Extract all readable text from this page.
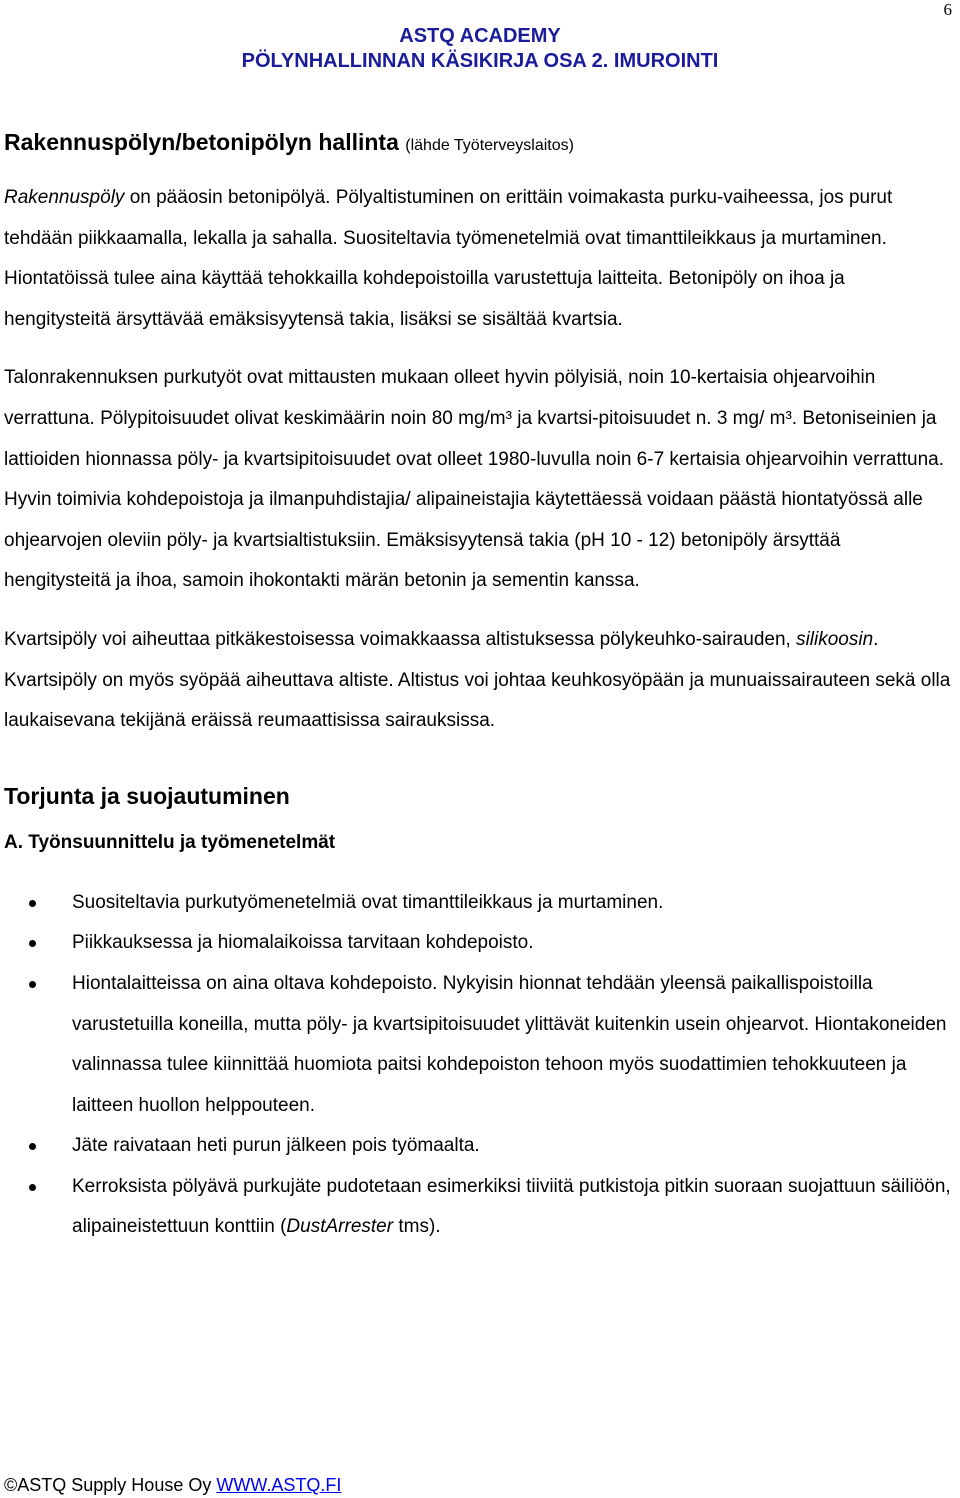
6
ASTQ ACADEMY
PÖLYNHALLINNAN KÄSIKIRJA OSA 2. IMUROINTI
Rakennuspölyn/betonipölyn hallinta (lähde Työterveyslaitos)

Rakennuspöly on pääosin betonipölyä. Pölyaltistuminen on erittäin voimakasta purku-vaiheessa, jos purut tehdään piikkaamalla, lekalla ja sahalla. Suositeltavia työmenetelmiä ovat timanttileikkaus ja murtaminen. Hiontatöissä tulee aina käyttää tehokkailla kohdepoistoilla varustettuja laitteita. Betonipöly on ihoa ja hengitysteitä ärsyttävää emäksisyytensä takia, lisäksi se sisältää kvartsia.

Talonrakennuksen purkutyöt ovat mittausten mukaan olleet hyvin pölyisiä, noin 10-kertaisia ohjearvoihin verrattuna. Pölypitoisuudet olivat keskimäärin noin 80 mg/m³ ja kvartsi-pitoisuudet n. 3 mg/ m³. Betoniseinien ja lattioiden hionnassa pöly- ja kvartsipitoisuudet ovat olleet 1980-luvulla noin 6-7 kertaisia ohjearvoihin verrattuna. Hyvin toimivia kohdepoistoja ja ilmanpuhdistajia/ alipaineistajia käytettäessä voidaan päästä hiontatyössä alle ohjearvojen oleviin pöly- ja kvartsialtistuksiin. Emäksisyytensä takia (pH 10 - 12) betonipöly ärsyttää hengitysteitä ja ihoa, samoin ihokontakti märän betonin ja sementin kanssa.

Kvartsipöly voi aiheuttaa pitkäkestoisessa voimakkaassa altistuksessa pölykeuhko-sairauden, silikoosin. Kvartsipöly on myös syöpää aiheuttava altiste. Altistus voi johtaa keuhkosyöpään ja munuaissairauteen sekä olla laukaisevana tekijänä eräissä reumaattisissa sairauksissa.

Torjunta ja suojautuminen
A. Työnsuunnittelu ja työmenetelmät
Suositeltavia purkutyömenetelmiä ovat timanttileikkaus ja murtaminen.
Piikkauksessa ja hiomalaikoissa tarvitaan kohdepoisto.
Hiontalaitteissa on aina oltava kohdepoisto. Nykyisin hionnat tehdään yleensä paikallispoistoilla varustetuilla koneilla, mutta pöly- ja kvartsipitoisuudet ylittävät kuitenkin usein ohjearvot. Hiontakoneiden valinnassa tulee kiinnittää huomiota paitsi kohdepoiston tehoon myös suodattimien tehokkuuteen ja laitteen huollon helppouteen.
Jäte raivataan heti purun jälkeen pois työmaalta.
Kerroksista pölyävä purkujäte pudotetaan esimerkiksi tiiviitä putkistoja pitkin suoraan suojattuun säiliöön, alipaineistettuun konttiin (DustArrester tms).
©ASTQ Supply House Oy WWW.ASTQ.FI
